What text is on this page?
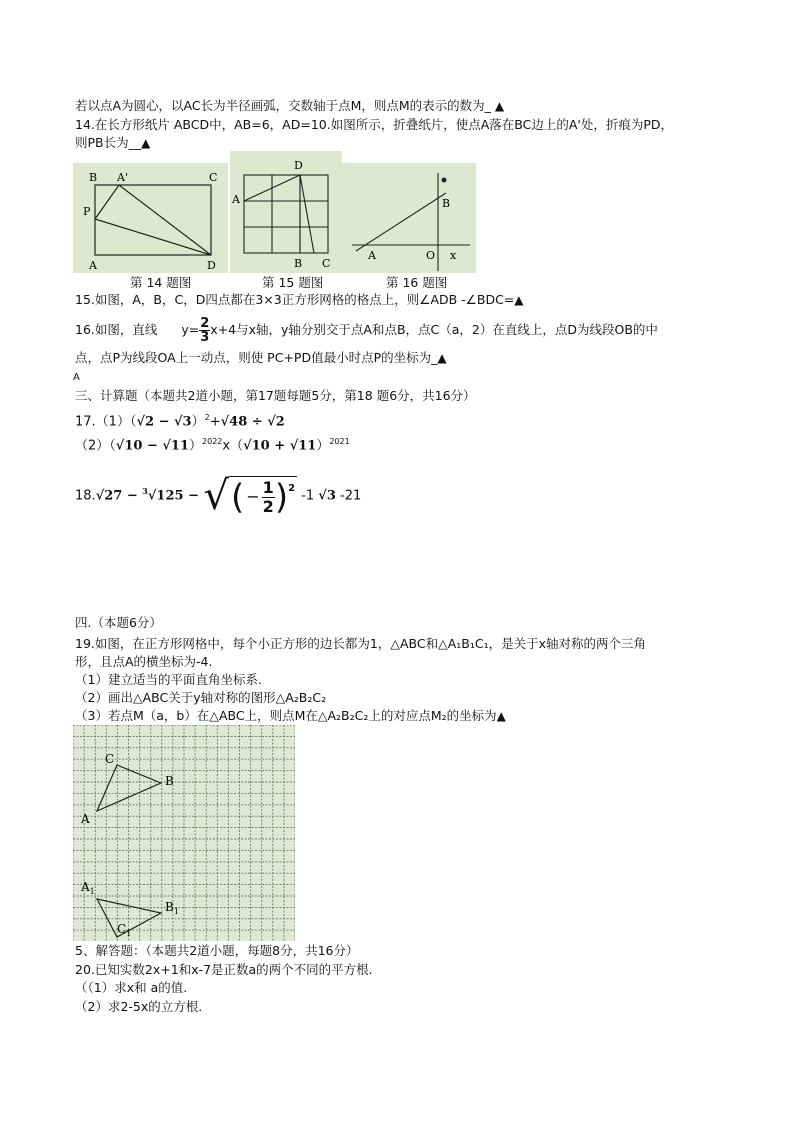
若以点A为圆心，以AC长为半径画弧，交数轴于点M，则点M的表示的数为_ ▲
14.在长方形纸片 ABCD中，AB=6，AD=10.如图所示，折叠纸片，使点A落在BC边上的A'处，折痕为PD，
则PB长为__▲
B A'	C
P
A	D
D
A
B C
B
A	O x
第 14 题图	第 15 题图	第 16 题图
15.如图，A，B，C，D四点都在3×3正方形网格的格点上，则∠ADB -∠BDC=▲
16.如图，直线 $y= \frac{2}{3} x+4$与x轴，y轴分别交于点A和点B，点C（a，2）在直线上，点D为线段OB的中
点，点P为线段OA上一动点，则使 PC+PD值最小时点P的坐标为_▲
A
三、计算题（本题共2道小题，第17题每题5分，第18 题6分，共16分）
$17.(1)(√2 - √3)^2+√48 \div √2$
$(2)(√10 - √11)^{2022}x(√10 + √11)^{2021}$
18.√27 − $^3$√125 − √( − $\frac{1}{2} )^2$ -1 √3 -21
四.（本题6分）
19.如图，在正方形网格中，每个小正方形的边长都为1，△ABC和△A₁B₁C₁，是关于x轴对称的两个三角
形，且点A的横坐标为-4.
（1）建立适当的平面直角坐标系.
（2）画出△ABC关于y轴对称的图形△A₂B₂C₂
（3）若点M（a，b）在△ABC上，则点M在△A₂B₂C₂上的对应点M₂的坐标为▲
C
B
A
$A_1$
$B_1$
$C_1$
5、解答题：（本题共2道小题，每题8分，共16分）
20.已知实数2x+1和x-7是正数a的两个不同的平方根.
（（1）求x和 a的值.
（2）求2-5x的立方根.
